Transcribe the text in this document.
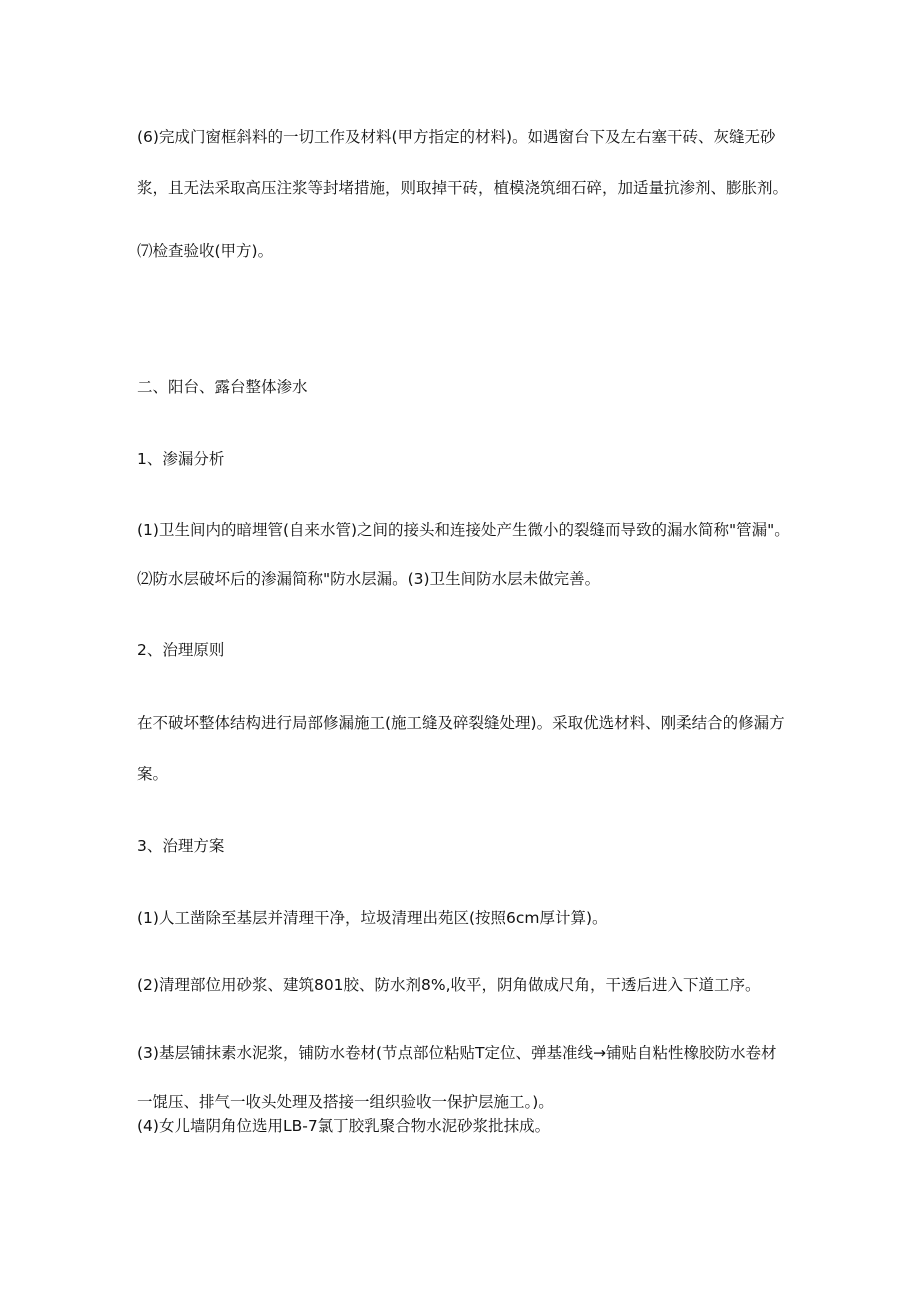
(6)完成门窗框斜料的一切工作及材料(甲方指定的材料)。如遇窗台下及左右塞干砖、灰缝无砂

浆，且无法采取高压注浆等封堵措施，则取掉干砖，植模浇筑细石碎，加适量抗渗剂、膨胀剂。

⑺检查验收(甲方)。

二、阳台、露台整体渗水

1、渗漏分析

(1)卫生间内的暗埋管(自来水管)之间的接头和连接处产生微小的裂缝而导致的漏水简称"管漏"。

⑵防水层破坏后的渗漏简称"防水层漏。(3)卫生间防水层未做完善。

2、治理原则

在不破坏整体结构进行局部修漏施工(施工缝及碎裂缝处理)。采取优选材料、刚柔结合的修漏方

案。

3、治理方案

(1)人工凿除至基层并清理干净，垃圾清理出苑区(按照6cm厚计算)。

(2)清理部位用砂浆、建筑801胶、防水剂8%,收平，阴角做成尺角，干透后进入下道工序。

(3)基层铺抹素水泥浆，铺防水卷材(节点部位粘贴T定位、弹基准线→铺贴自粘性橡胶防水卷材

一馄压、排气一收头处理及搭接一组织验收一保护层施工。)。

(4)女儿墙阴角位选用LB-7氯丁胶乳聚合物水泥砂浆批抹成。
